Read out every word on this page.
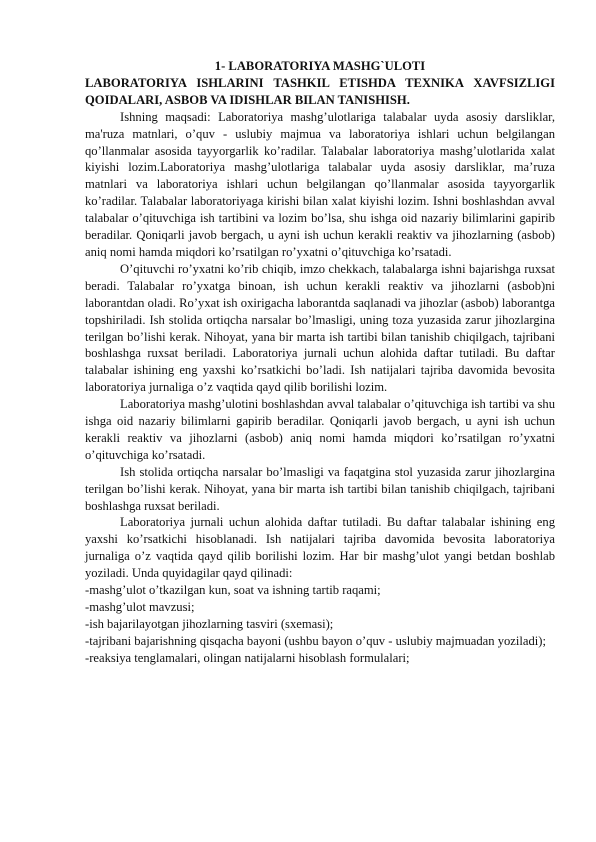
1- LABORATORIYA MASHG`ULOTI

LABORATORIYA ISHLARINI TASHKIL ETISHDA TEXNIKA XAVFSIZLIGI QOIDALARI, ASBOB VA IDISHLAR BILAN TANISHISH.

Ishning maqsadi: Laboratoriya mashg’ulotlariga talabalar uyda asosiy darsliklar, ma'ruza matnlari, o’quv - uslubiy majmua va laboratoriya ishlari uchun belgilangan qo’llanmalar asosida tayyorgarlik ko’radilar. Talabalar laboratoriya mashg’ulotlarida xalat kiyishi lozim.Laboratoriya mashg’ulotlariga talabalar uyda asosiy darsliklar, ma’ruza matnlari va laboratoriya ishlari uchun belgilangan qo’llanmalar asosida tayyorgarlik ko’radilar. Talabalar laboratoriyaga kirishi bilan xalat kiyishi lozim. Ishni boshlashdan avval talabalar o’qituvchiga ish tartibini va lozim bo’lsa, shu ishga oid nazariy bilimlarini gapirib beradilar. Qoniqarli javob bergach, u ayni ish uchun kerakli reaktiv va jihozlarning (asbob) aniq nomi hamda miqdori ko’rsatilgan ro’yxatni o’qituvchiga ko’rsatadi.

O’qituvchi ro’yxatni ko’rib chiqib, imzo chekkach, talabalarga ishni bajarishga ruxsat beradi. Talabalar ro’yxatga binoan, ish uchun kerakli reaktiv va jihozlarni (asbob)ni laborantdan oladi. Ro’yxat ish oxirigacha laborantda saqlanadi va jihozlar (asbob) laborantga topshiriladi. Ish stolida ortiqcha narsalar bo’lmasligi, uning toza yuzasida zarur jihozlargina terilgan bo’lishi kerak. Nihoyat, yana bir marta ish tartibi bilan tanishib chiqilgach, tajribani boshlashga ruxsat beriladi. Laboratoriya jurnali uchun alohida daftar tutiladi. Bu daftar talabalar ishining eng yaxshi ko’rsatkichi bo’ladi. Ish natijalari tajriba davomida bevosita laboratoriya jurnaliga o’z vaqtida qayd qilib borilishi lozim.

Laboratoriya mashg’ulotini boshlashdan avval talabalar o’qituvchiga ish tartibi va shu ishga oid nazariy bilimlarni gapirib beradilar. Qoniqarli javob bergach, u ayni ish uchun kerakli reaktiv va jihozlarni (asbob) aniq nomi hamda miqdori ko’rsatilgan ro’yxatni o’qituvchiga ko’rsatadi.

Ish stolida ortiqcha narsalar bo’lmasligi va faqatgina stol yuzasida zarur jihozlargina terilgan bo’lishi kerak. Nihoyat, yana bir marta ish tartibi bilan tanishib chiqilgach, tajribani boshlashga ruxsat beriladi.

Laboratoriya jurnali uchun alohida daftar tutiladi. Bu daftar talabalar ishining eng yaxshi ko’rsatkichi hisoblanadi. Ish natijalari tajriba davomida bevosita laboratoriya jurnaliga o’z vaqtida qayd qilib borilishi lozim. Har bir mashg’ulot yangi betdan boshlab yoziladi. Unda quyidagilar qayd qilinadi:

-mashg’ulot o’tkazilgan kun, soat va ishning tartib raqami;

-mashg’ulot mavzusi;

-ish bajarilayotgan jihozlarning tasviri (sxemasi);

-tajribani bajarishning qisqacha bayoni (ushbu bayon o’quv - uslubiy majmuadan yoziladi);

-reaksiya tenglamalari, olingan natijalarni hisoblash formulalari;
